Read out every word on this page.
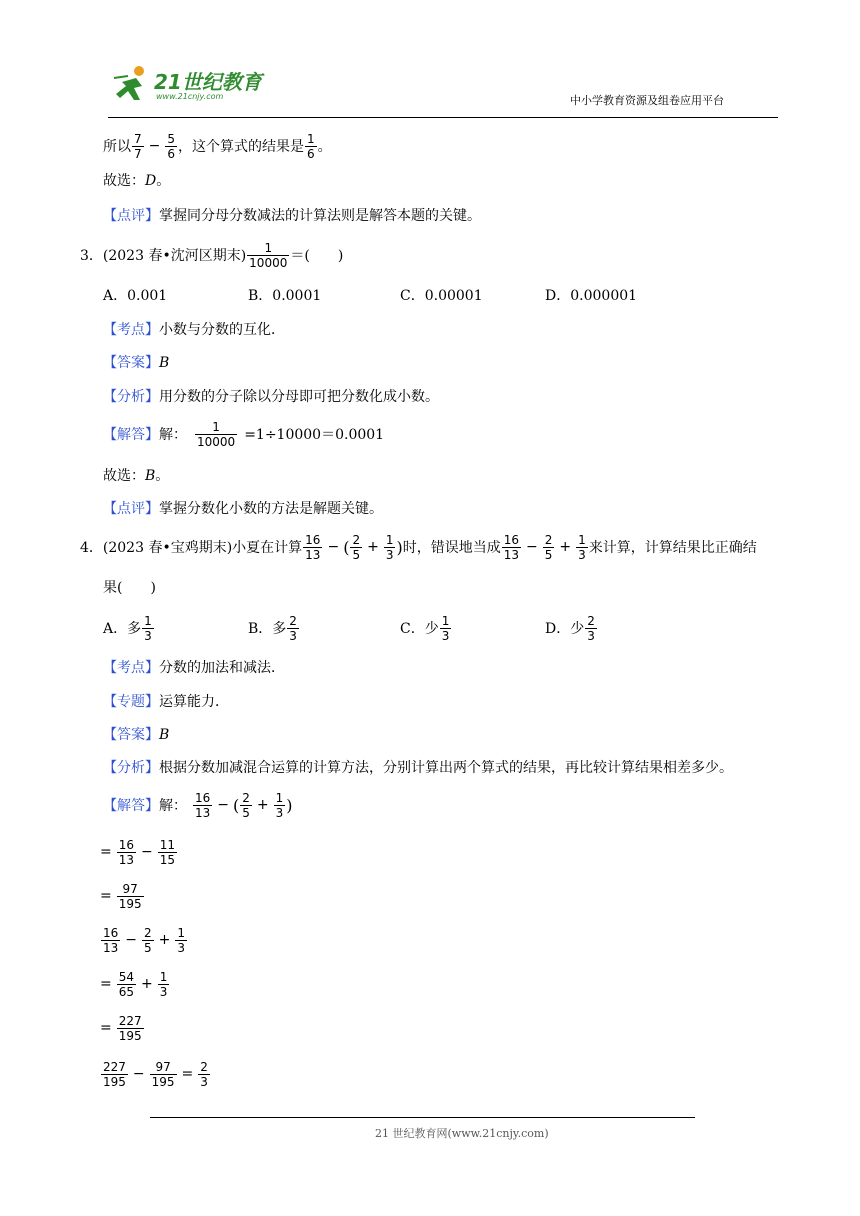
21世纪教育
www.21cnjy.com	中小学教育资源及组卷应用平台
所以 $\frac{7}{7} - \frac{5}{6}$ ，这个算式的结果是 $\frac{1}{6}$ 。
故选：D。
【点评】掌握同分母分数减法的计算法则是解答本题的关键。
3．(2023 春•沈河区期末) $\frac{1}{10000}$ ＝(　　)
A．0.001	B．0.0001	C．0.00001	D．0.000001
【考点】小数与分数的互化．
【答案】B
【分析】用分数的分子除以分母即可把分数化成小数。
【解答】 解： $\frac{1}{10000} =1\div 10000=0.0001$
故选：B。
【点评】掌握分数化小数的方法是解题关键。
4．(2023 春•宝鸡期末)小夏在计算 $\frac{16}{13}$ − ( $\frac{2}{5} + \frac{1}{3}$ ) 时，错误地当成 $\frac{16}{13} - \frac{2}{5} + \frac{1}{3}$ 来计算，计算结果比正确结
果(　　)
A． 多 $\frac{1}{3}$	B． 多 $\frac{2}{3}$	C． 少 $\frac{1}{3}$	D． 少 $\frac{2}{3}$
【考点】分数的加法和减法．
【专题】运算能力．
【答案】B
【分析】根据分数加减混合运算的计算方法，分别计算出两个算式的结果，再比较计算结果相差多少。
【解答】 解： $\frac{16}{13}$ − ( $\frac{2}{5} + \frac{1}{3}$ )
= $\frac{16}{13} - \frac{11}{15}$
= $\frac{97}{195}$
$\frac{16}{13} - \frac{2}{5} + \frac{1}{3}$
= $\frac{54}{65} + \frac{1}{3}$
= $\frac{227}{195}$
$\frac{227}{195} - \frac{97}{195} = \frac{2}{3}$
21 世纪教育网(www.21cnjy.com)
